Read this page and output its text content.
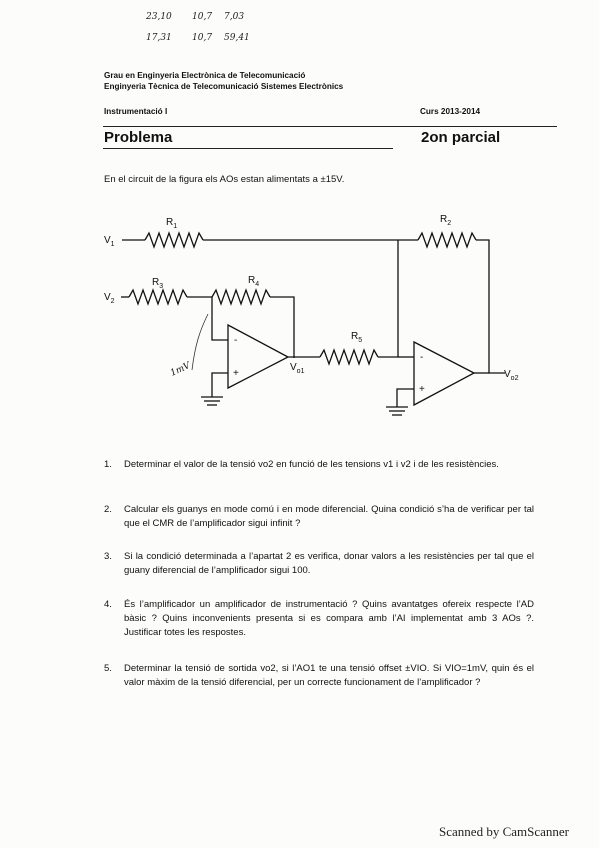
23,10 10,7 7,03
17,31 10,7 59,41
Grau en Enginyeria Electrònica de Telecomunicació
Enginyeria Tècnica de Telecomunicació Sistemes Electrònics
Instrumentació I	Curs 2013-2014
Problema	2on parcial
En el circuit de la figura els AOs estan alimentats a ±15V.
$V_1$
$V_2$
$R_1$
$R_2$
$R_3$
$R_4$
$R_5$
$V_{o1}$	$V_{o2}$
-
+
-
+
1mV
1. Determinar el valor de la tensió vo2 en funció de les tensions v1 i v2 i de les resistències.
2. Calcular els guanys en mode comú i en mode diferencial. Quina condició s’ha de verificar per tal que el CMR de l’amplificador sigui infinit ?
3. Si la condició determinada a l’apartat 2 es verifica, donar valors a les resistències per tal que el guany diferencial de l’amplificador sigui 100.
4. És l’amplificador un amplificador de instrumentació ? Quins avantatges ofereix respecte l’AD bàsic ? Quins inconvenients presenta si es compara amb l’AI implementat amb 3 AOs ?. Justificar totes les respostes.
5. Determinar la tensió de sortida vo2, si l’AO1 te una tensió offset ±VIO. Si VIO=1mV, quin és el valor màxim de la tensió diferencial, per un correcte funcionament de l’amplificador ?
Scanned by CamScanner
